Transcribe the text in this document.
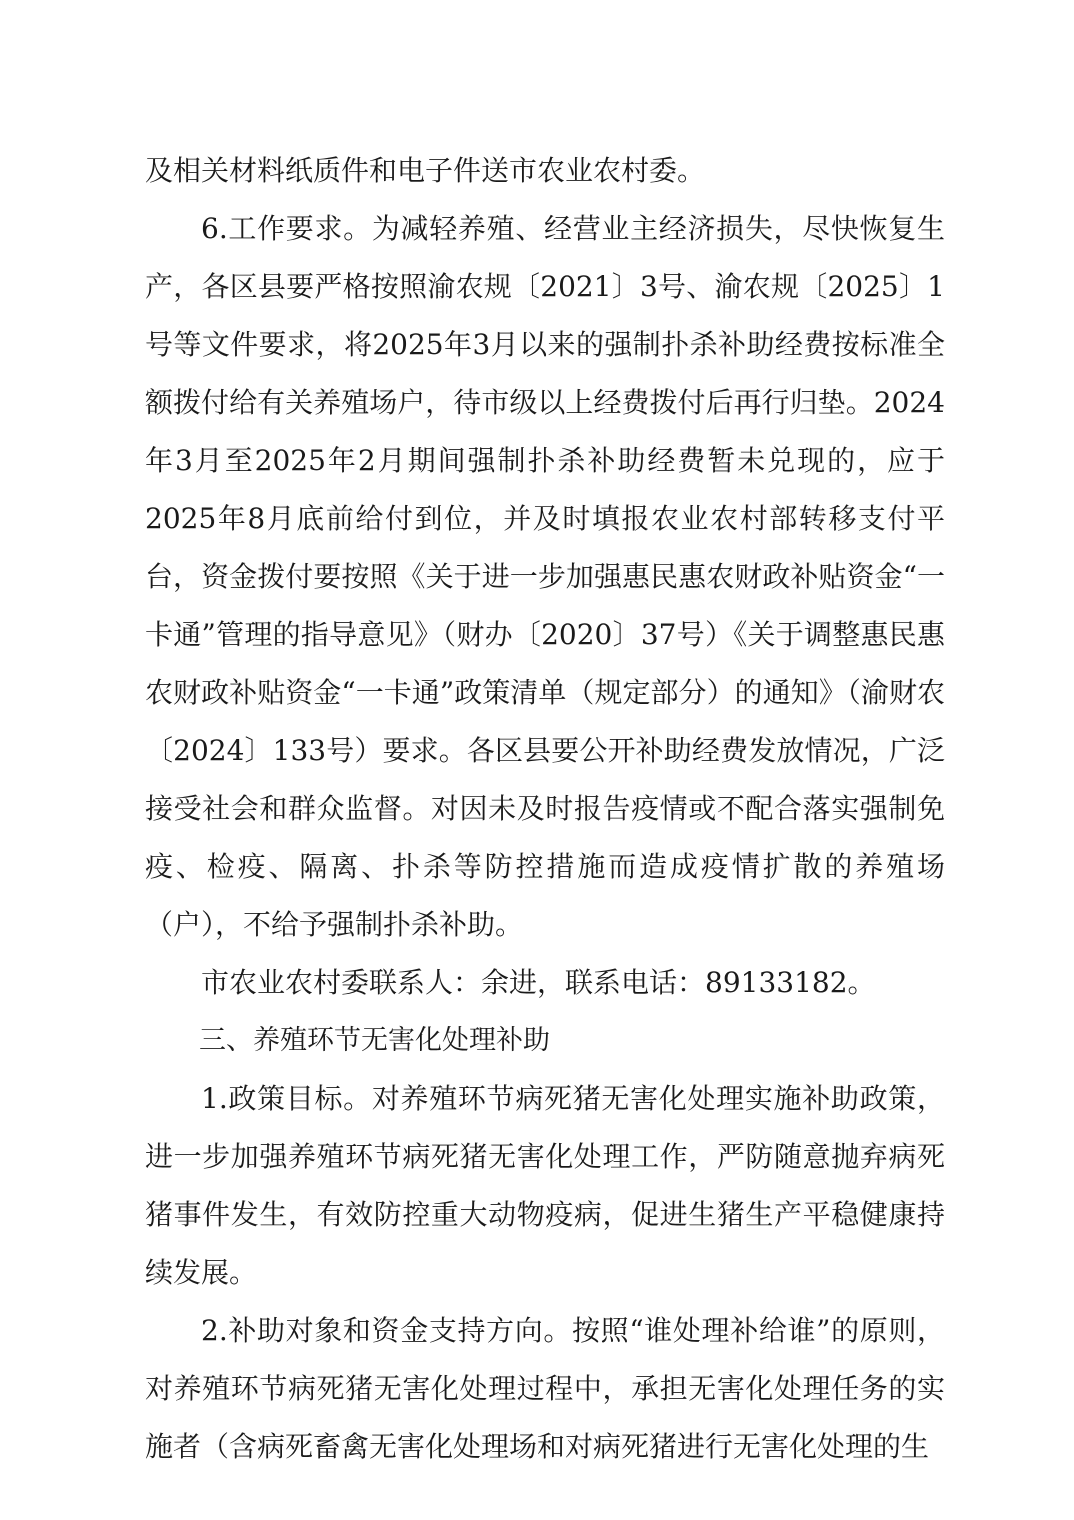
及相关材料纸质件和电子件送市农业农村委。

6.工作要求。为减轻养殖、经营业主经济损失，尽快恢复生产，各区县要严格按照渝农规〔2021〕3号、渝农规〔2025〕1号等文件要求，将2025年3月以来的强制扑杀补助经费按标准全额拨付给有关养殖场户，待市级以上经费拨付后再行归垫。2024年3月至2025年2月期间强制扑杀补助经费暂未兑现的，应于2025年8月底前给付到位，并及时填报农业农村部转移支付平台，资金拨付要按照《关于进一步加强惠民惠农财政补贴资金“一卡通”管理的指导意见》（财办〔2020〕37号）《关于调整惠民惠农财政补贴资金“一卡通”政策清单（规定部分）的通知》（渝财农〔2024〕133号）要求。各区县要公开补助经费发放情况，广泛接受社会和群众监督。对因未及时报告疫情或不配合落实强制免疫、检疫、隔离、扑杀等防控措施而造成疫情扩散的养殖场（户），不给予强制扑杀补助。

市农业农村委联系人：余进，联系电话：89133182。

三、养殖环节无害化处理补助

1.政策目标。对养殖环节病死猪无害化处理实施补助政策，进一步加强养殖环节病死猪无害化处理工作，严防随意抛弃病死猪事件发生，有效防控重大动物疫病，促进生猪生产平稳健康持续发展。

2.补助对象和资金支持方向。按照“谁处理补给谁”的原则，对养殖环节病死猪无害化处理过程中，承担无害化处理任务的实施者（含病死畜禽无害化处理场和对病死猪进行无害化处理的生
